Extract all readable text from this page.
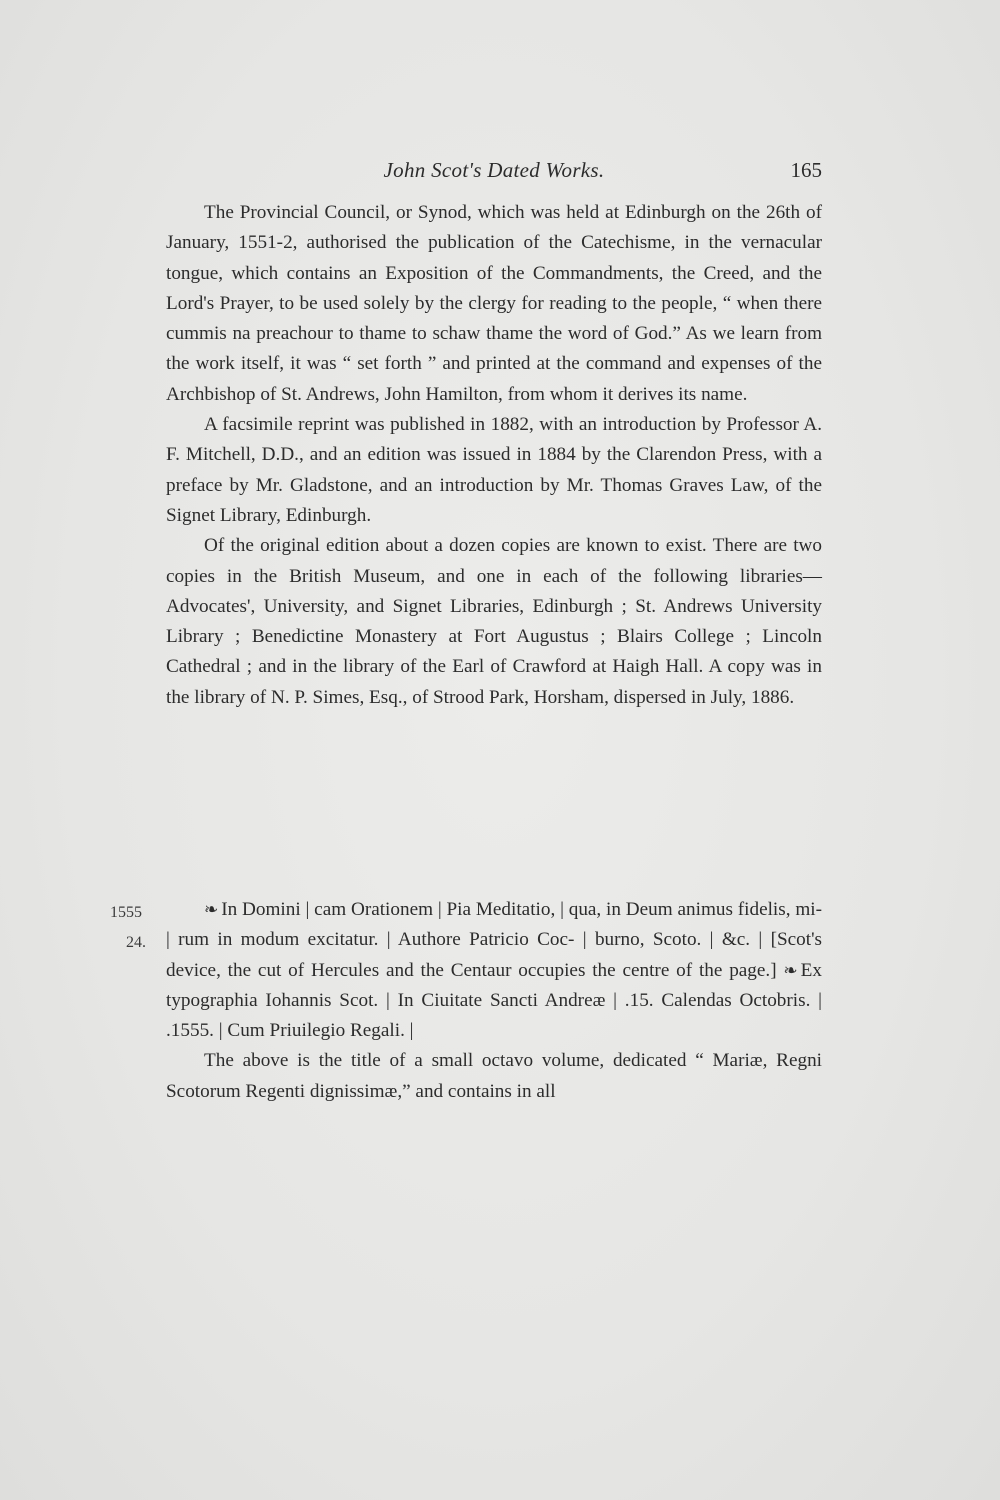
John Scot's Dated Works.	165

The Provincial Council, or Synod, which was held at Edinburgh on the 26th of January, 1551-2, authorised the publication of the Catechisme, in the vernacular tongue, which contains an Exposition of the Commandments, the Creed, and the Lord's Prayer, to be used solely by the clergy for reading to the people, “ when there cummis na preachour to thame to schaw thame the word of God.” As we learn from the work itself, it was “ set forth ” and printed at the command and expenses of the Archbishop of St. Andrews, John Hamilton, from whom it derives its name.

A facsimile reprint was published in 1882, with an introduction by Professor A. F. Mitchell, D.D., and an edition was issued in 1884 by the Clarendon Press, with a preface by Mr. Gladstone, and an introduction by Mr. Thomas Graves Law, of the Signet Library, Edinburgh.

Of the original edition about a dozen copies are known to exist. There are two copies in the British Museum, and one in each of the following libraries—Advocates', University, and Signet Libraries, Edinburgh ; St. Andrews University Library ; Benedictine Monastery at Fort Augustus ; Blairs College ; Lincoln Cathedral ; and in the library of the Earl of Crawford at Haigh Hall. A copy was in the library of N. P. Simes, Esq., of Strood Park, Horsham, dispersed in July, 1886.

1555
24.

❧ In Domini | cam Orationem | Pia Meditatio, | qua, in Deum animus fidelis, mi- | rum in modum excitatur. | Authore Patricio Coc- | burno, Scoto. | &c. | [Scot's device, the cut of Hercules and the Centaur occupies the centre of the page.] ❧ Ex typographia Iohannis Scot. | In Ciuitate Sancti Andreæ | .15. Calendas Octobris. | .1555. | Cum Priuilegio Regali. |

The above is the title of a small octavo volume, dedicated “ Mariæ, Regni Scotorum Regenti dignissimæ,” and contains in all
